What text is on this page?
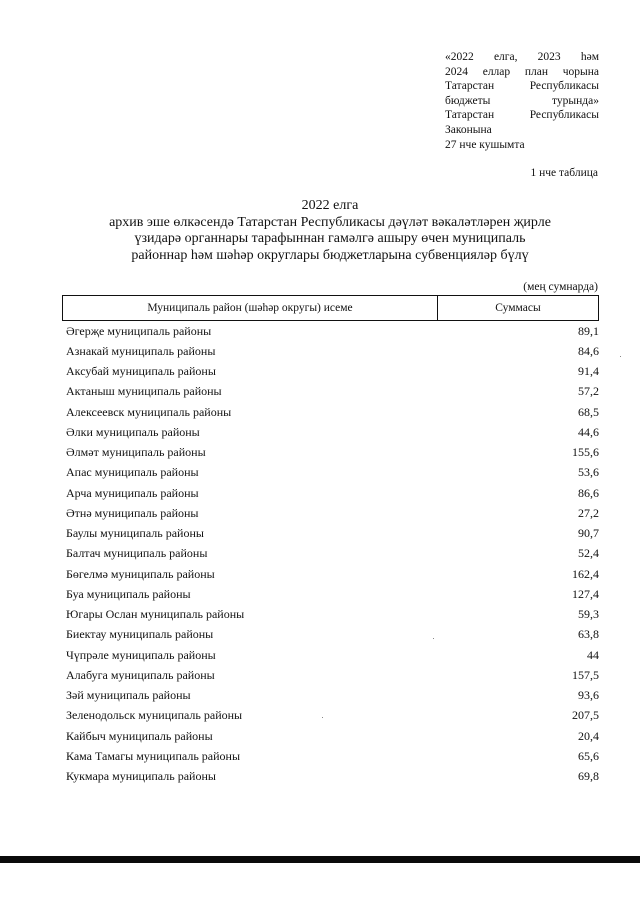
«2022 елга, 2023 һәм
2024 еллар план чорына
Татарстан Республикасы
бюджеты турында»
Татарстан Республикасы
Законына
27 нче кушымта
1 нче таблица
2022 елга
архив эше өлкәсендә Татарстан Республикасы дәүләт вәкаләтләрен җирле
үзидарә органнары тарафыннан гамәлгә ашыру өчен муниципаль
районнар һәм шәһәр округлары бюджетларына субвенцияләр бүлү
(мең сумнарда)
Муниципаль район (шәһәр округы) исеме	Суммасы
Әгерҗе муниципаль районы	89,1
Азнакай муниципаль районы	84,6
Аксубай муниципаль районы	91,4
Актаныш муниципаль районы	57,2
Алексеевск муниципаль районы	68,5
Әлки муниципаль районы	44,6
Әлмәт муниципаль районы	155,6
Апас муниципаль районы	53,6
Арча муниципаль районы	86,6
Әтнә муниципаль районы	27,2
Баулы муниципаль районы	90,7
Балтач муниципаль районы	52,4
Бөгелмә муниципаль районы	162,4
Буа муниципаль районы	127,4
Югары Ослан муниципаль районы	59,3
Биектау муниципаль районы	63,8
Чүпрәле муниципаль районы	44
Алабуга муниципаль районы	157,5
Зәй муниципаль районы	93,6
Зеленодольск муниципаль районы	207,5
Кайбыч муниципаль районы	20,4
Кама Тамагы муниципаль районы	65,6
Кукмара муниципаль районы	69,8
